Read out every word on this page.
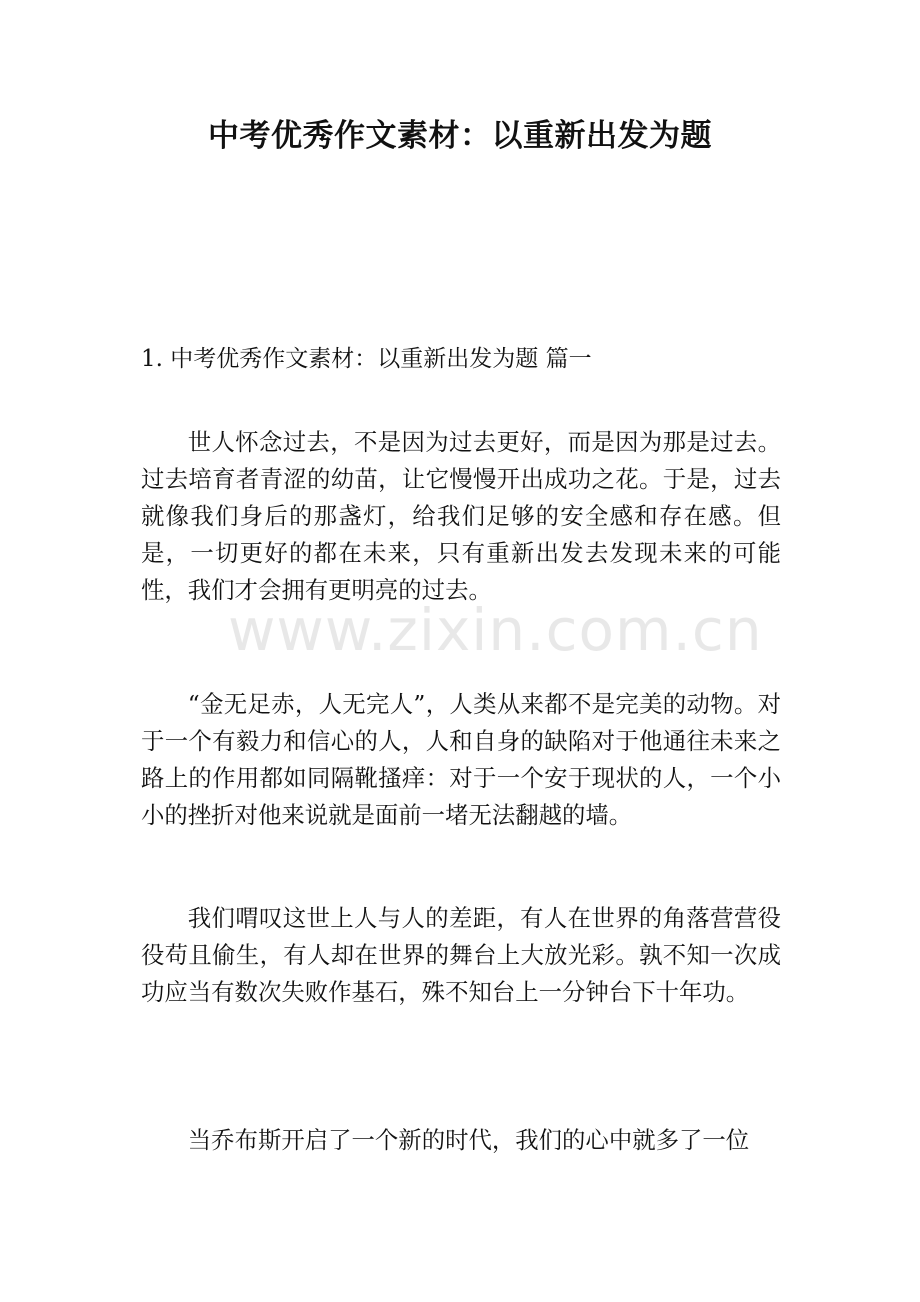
中考优秀作文素材：以重新出发为题
1. 中考优秀作文素材：以重新出发为题 篇一

世人怀念过去，不是因为过去更好，而是因为那是过去。过去培育者青涩的幼苗，让它慢慢开出成功之花。于是，过去就像我们身后的那盏灯，给我们足够的安全感和存在感。但是，一切更好的都在未来，只有重新出发去发现未来的可能性，我们才会拥有更明亮的过去。

“金无足赤，人无完人”，人类从来都不是完美的动物。对于一个有毅力和信心的人，人和自身的缺陷对于他通往未来之路上的作用都如同隔靴搔痒：对于一个安于现状的人，一个小小的挫折对他来说就是面前一堵无法翻越的墙。

我们喟叹这世上人与人的差距，有人在世界的角落营营役役苟且偷生，有人却在世界的舞台上大放光彩。孰不知一次成功应当有数次失败作基石，殊不知台上一分钟台下十年功。

当乔布斯开启了一个新的时代，我们的心中就多了一位

www.zixin.com.cn
